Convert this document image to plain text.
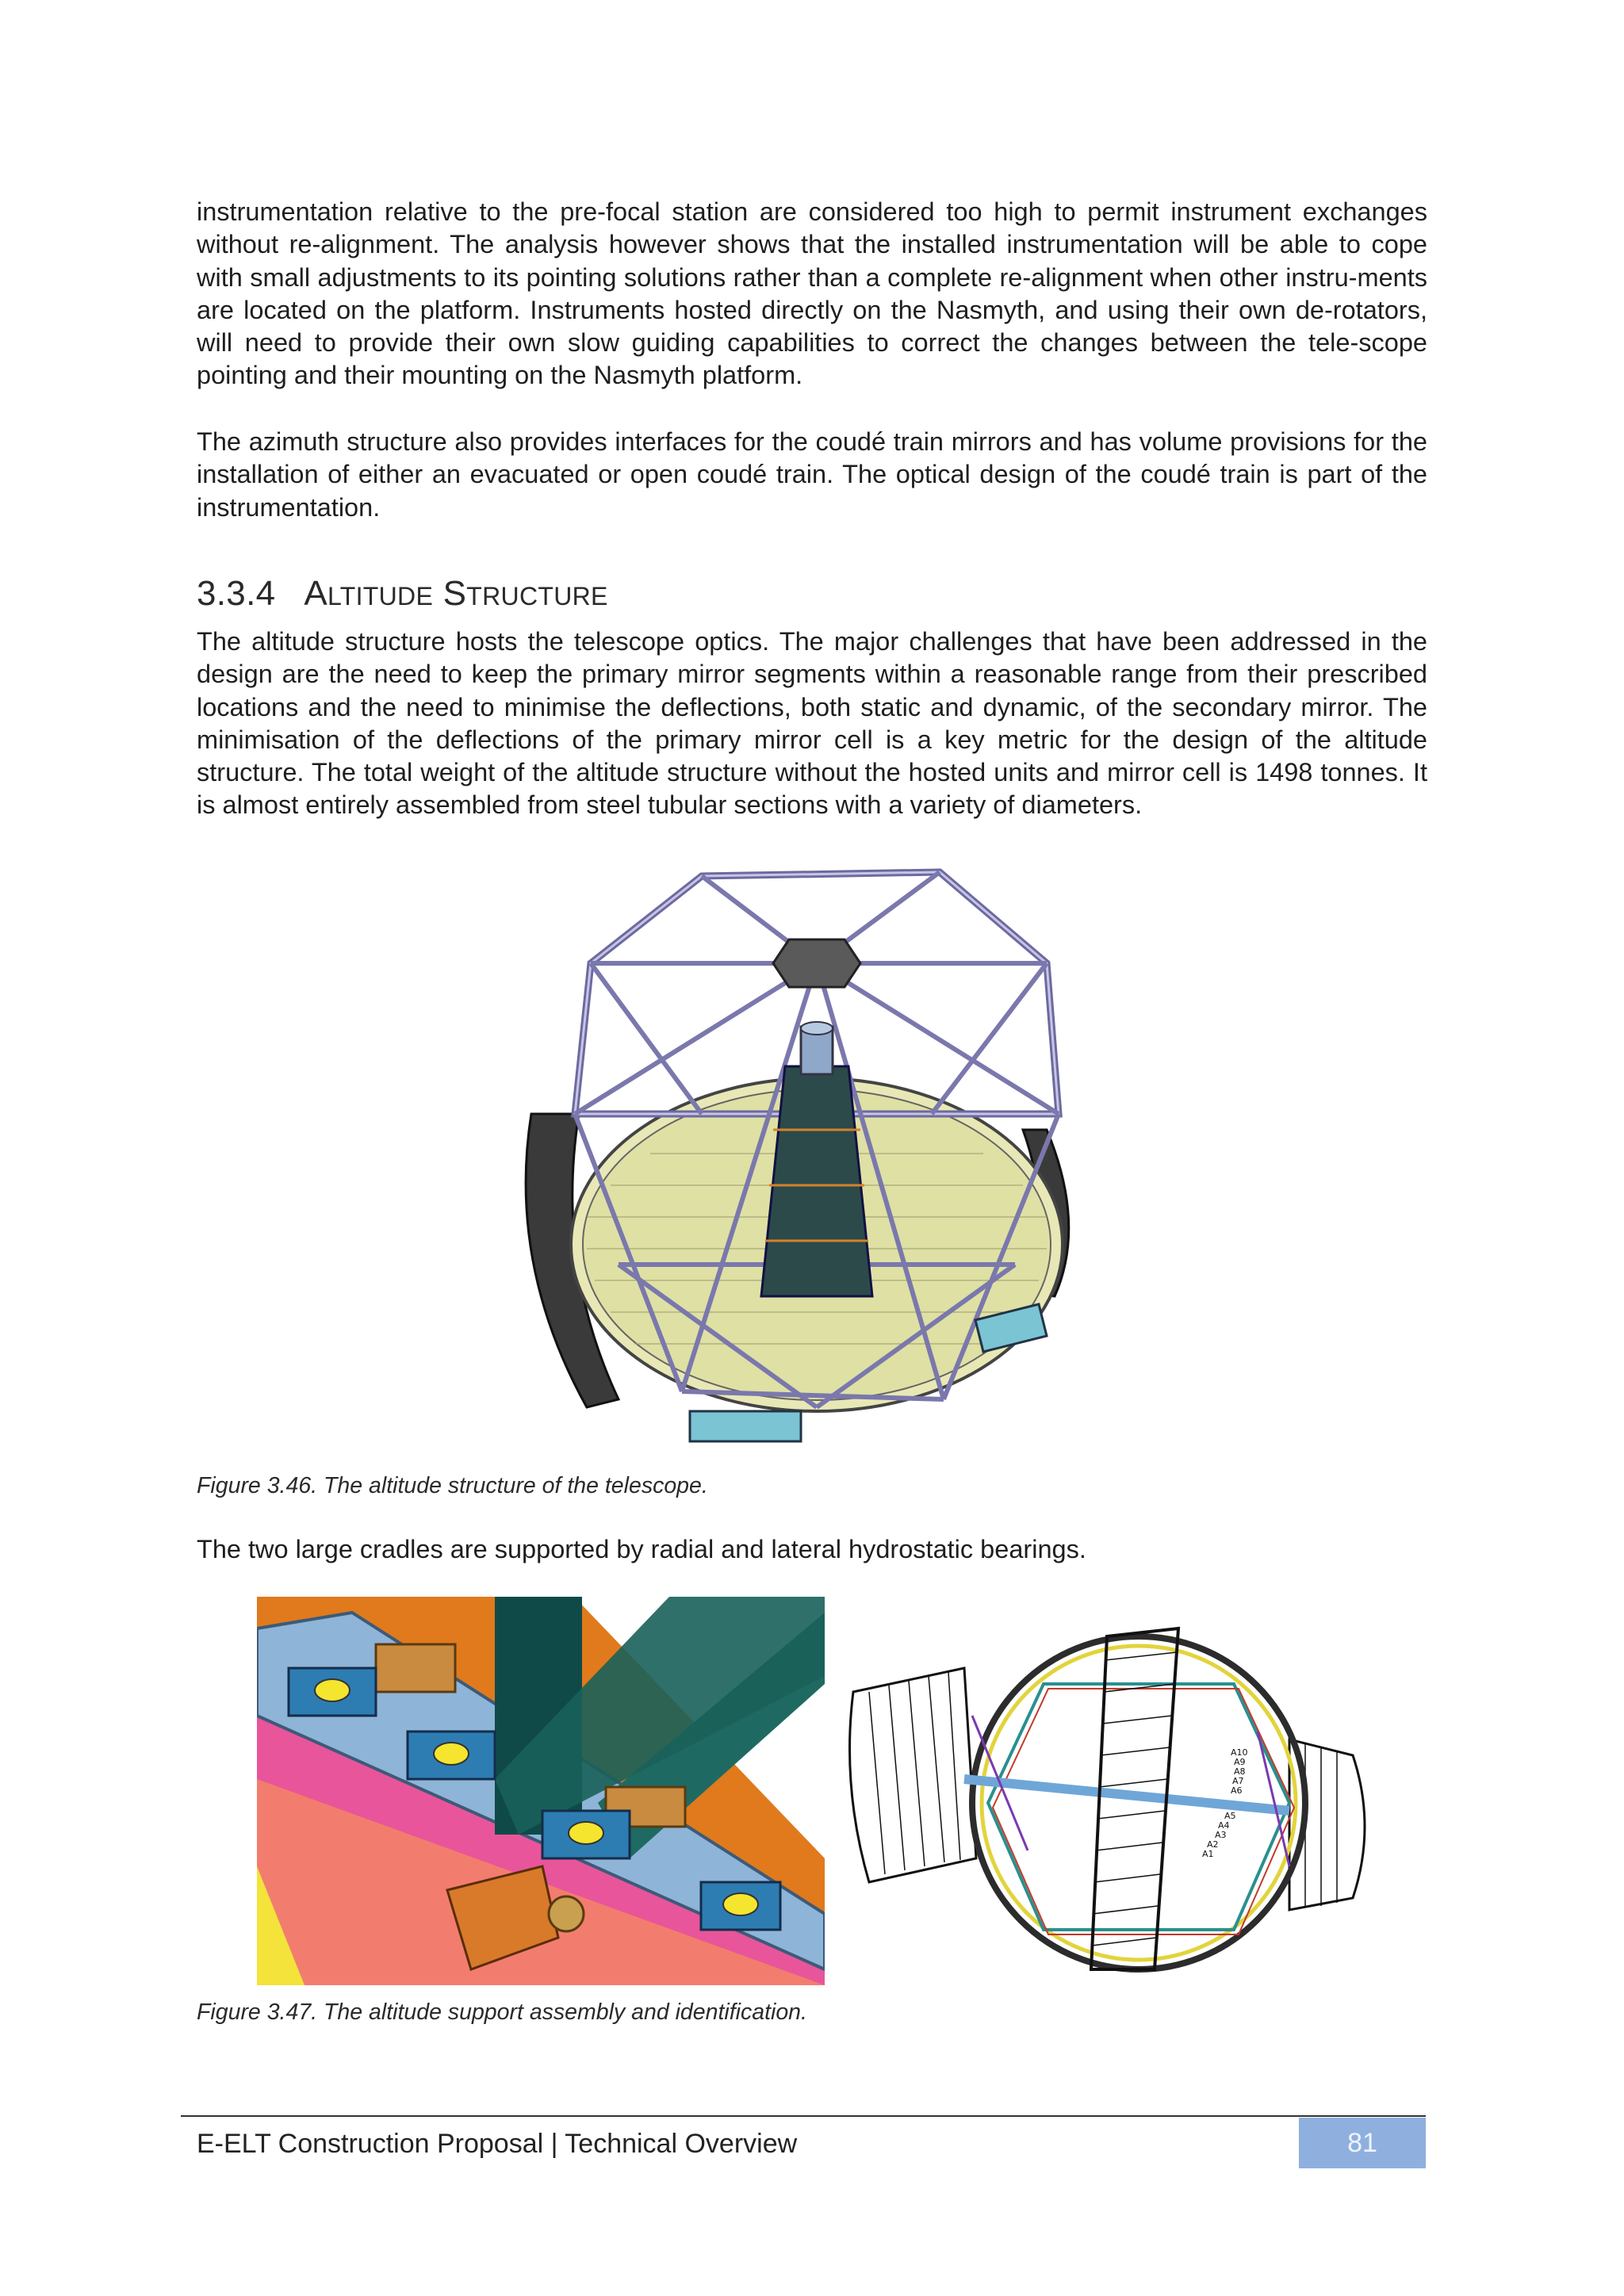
instrumentation relative to the pre-focal station are considered too high to permit instrument exchanges without re-alignment. The analysis however shows that the installed instrumentation will be able to cope with small adjustments to its pointing solutions rather than a complete re-alignment when other instru-ments are located on the platform. Instruments hosted directly on the Nasmyth, and using their own de-rotators, will need to provide their own slow guiding capabilities to correct the changes between the tele-scope pointing and their mounting on the Nasmyth platform.

The azimuth structure also provides interfaces for the coudé train mirrors and has volume provisions for the installation of either an evacuated or open coudé train. The optical design of the coudé train is part of the instrumentation.

3.3.4 ALTITUDE STRUCTURE

The altitude structure hosts the telescope optics. The major challenges that have been addressed in the design are the need to keep the primary mirror segments within a reasonable range from their prescribed locations and the need to minimise the deflections, both static and dynamic, of the secondary mirror. The minimisation of the deflections of the primary mirror cell is a key metric for the design of the altitude structure. The total weight of the altitude structure without the hosted units and mirror cell is 1498 tonnes. It is almost entirely assembled from steel tubular sections with a variety of diameters.

Figure 3.46. The altitude structure of the telescope.

The two large cradles are supported by radial and lateral hydrostatic bearings.

A10
A9
A8
A7
A6
A5
A4
A3
A2
A1

Figure 3.47. The altitude support assembly and identification.

E-ELT Construction Proposal | Technical Overview	81
